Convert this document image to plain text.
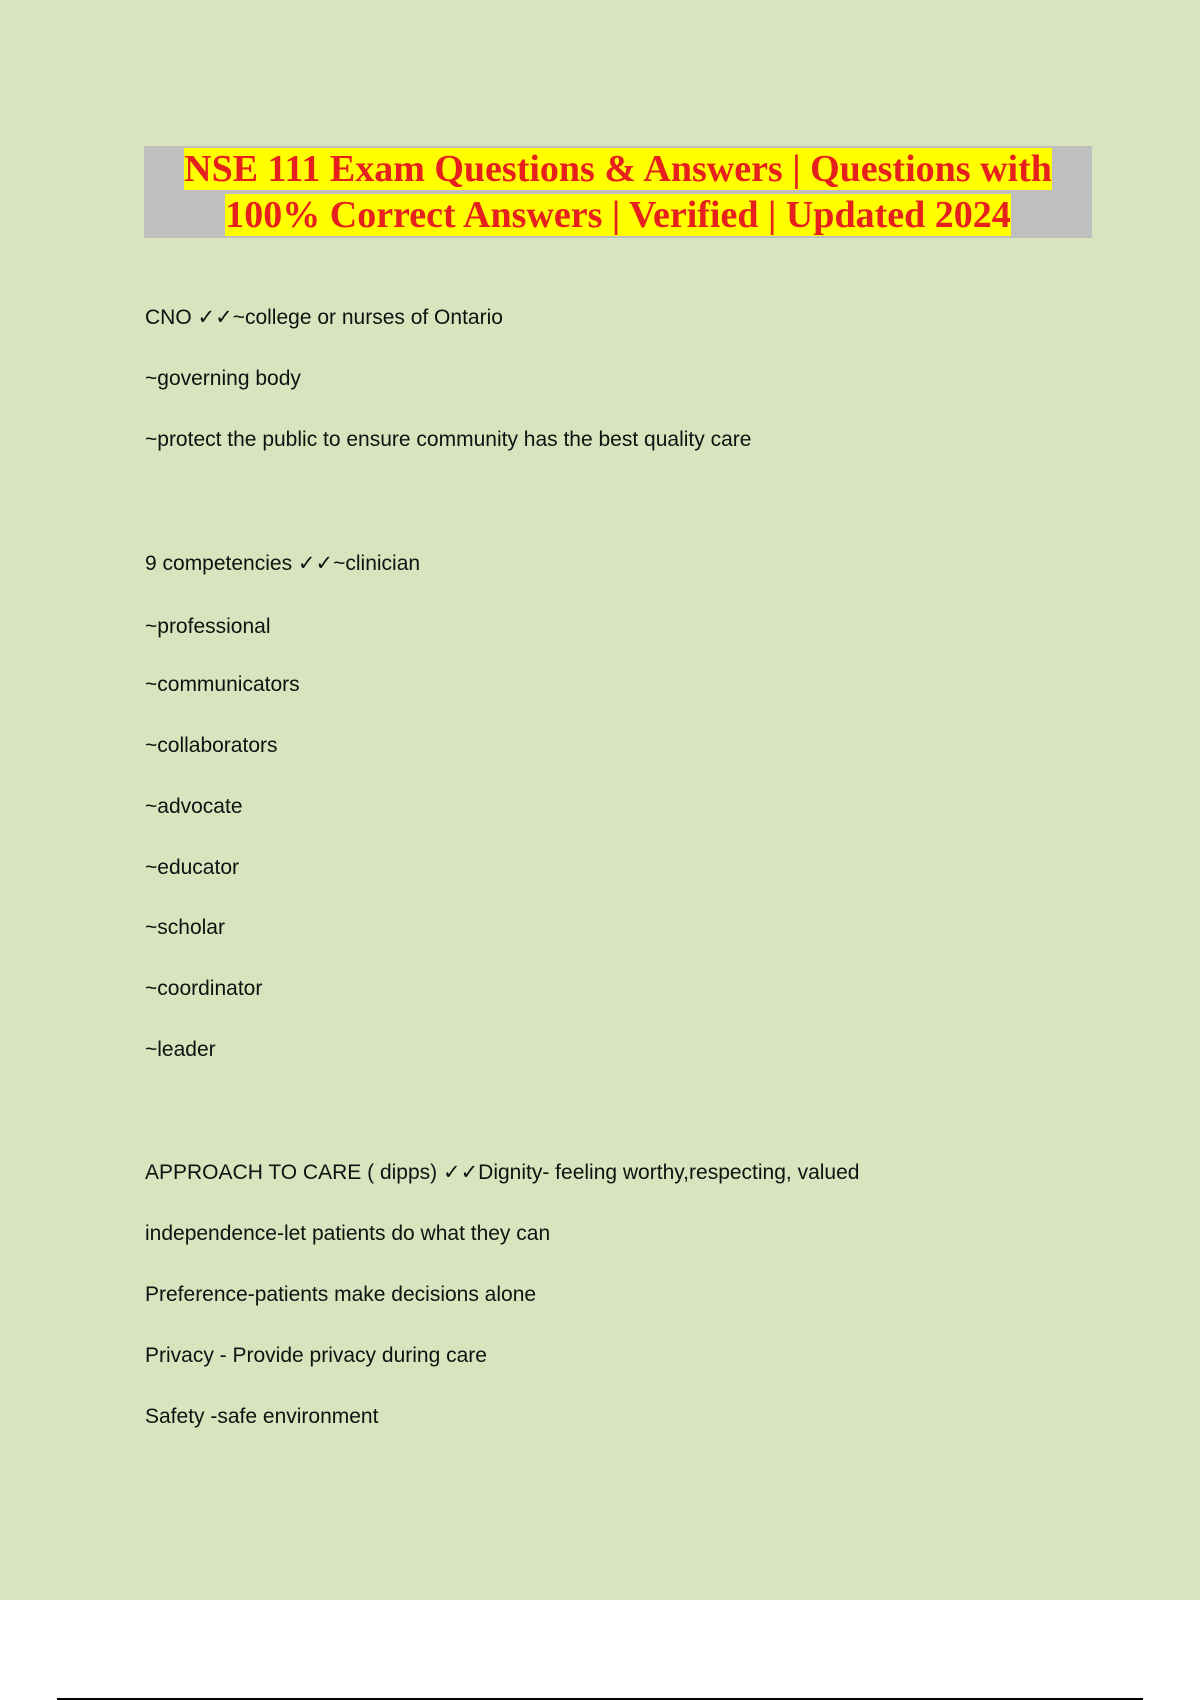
NSE 111 Exam Questions & Answers | Questions with
100% Correct Answers | Verified | Updated 2024
CNO ✓✓~college or nurses of Ontario
~governing body
~protect the public to ensure community has the best quality care
9 competencies ✓✓~clinician
~professional
~communicators
~collaborators
~advocate
~educator
~scholar
~coordinator
~leader
APPROACH TO CARE ( dipps) ✓✓Dignity- feeling worthy,respecting, valued
independence-let patients do what they can
Preference-patients make decisions alone
Privacy - Provide privacy during care
Safety -safe environment
